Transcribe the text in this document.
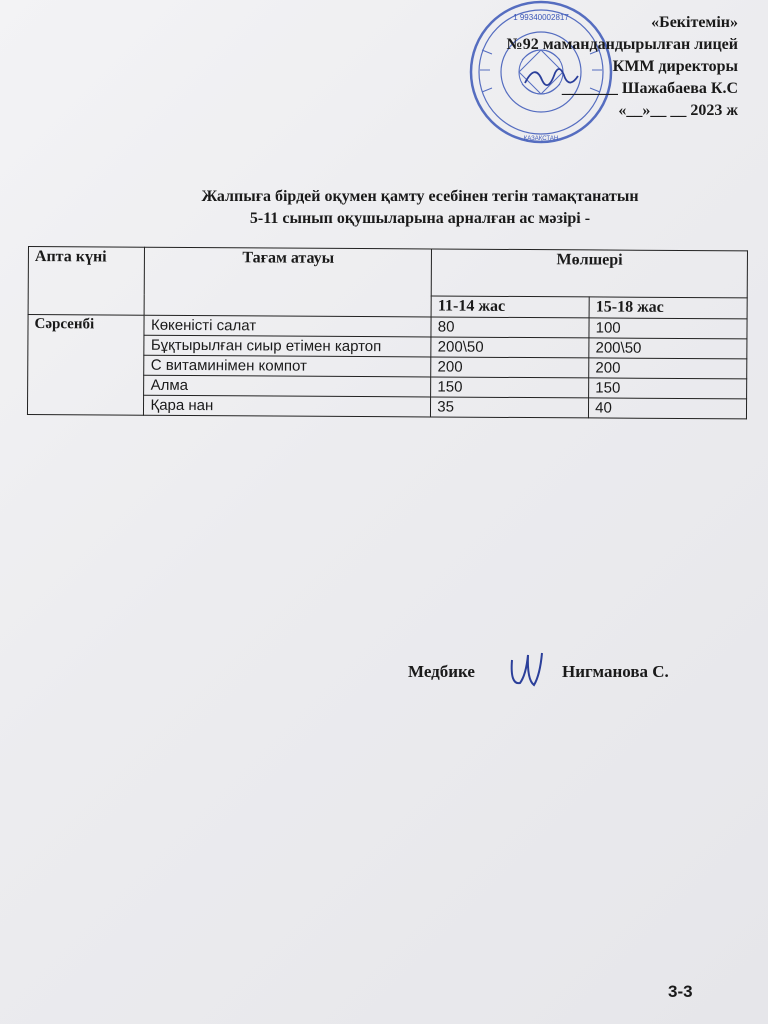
1 99340002817
ҚАЗАҚСТАН
«Бекітемін»
№92 мамандандырылған лицей
КММ директоры
_______ Шажабаева К.С
«__»__ __ 2023 ж
Жалпыға бірдей оқумен қамту есебінен тегін тамақтанатын
5-11 сынып оқушыларына арналған ас мәзірі -
Апта күні	Тағам атауы	Мөлшері	
		11-14 жас	15-18 жас
Сәрсенбі	Көкеністі салат	80	100
	Бұқтырылған сиыр етімен картоп	200\50	200\50
	С витаминімен компот	200	200
	Алма	150	150
	Қара нан	35	40
Медбике	Нигманова С.
3-3
